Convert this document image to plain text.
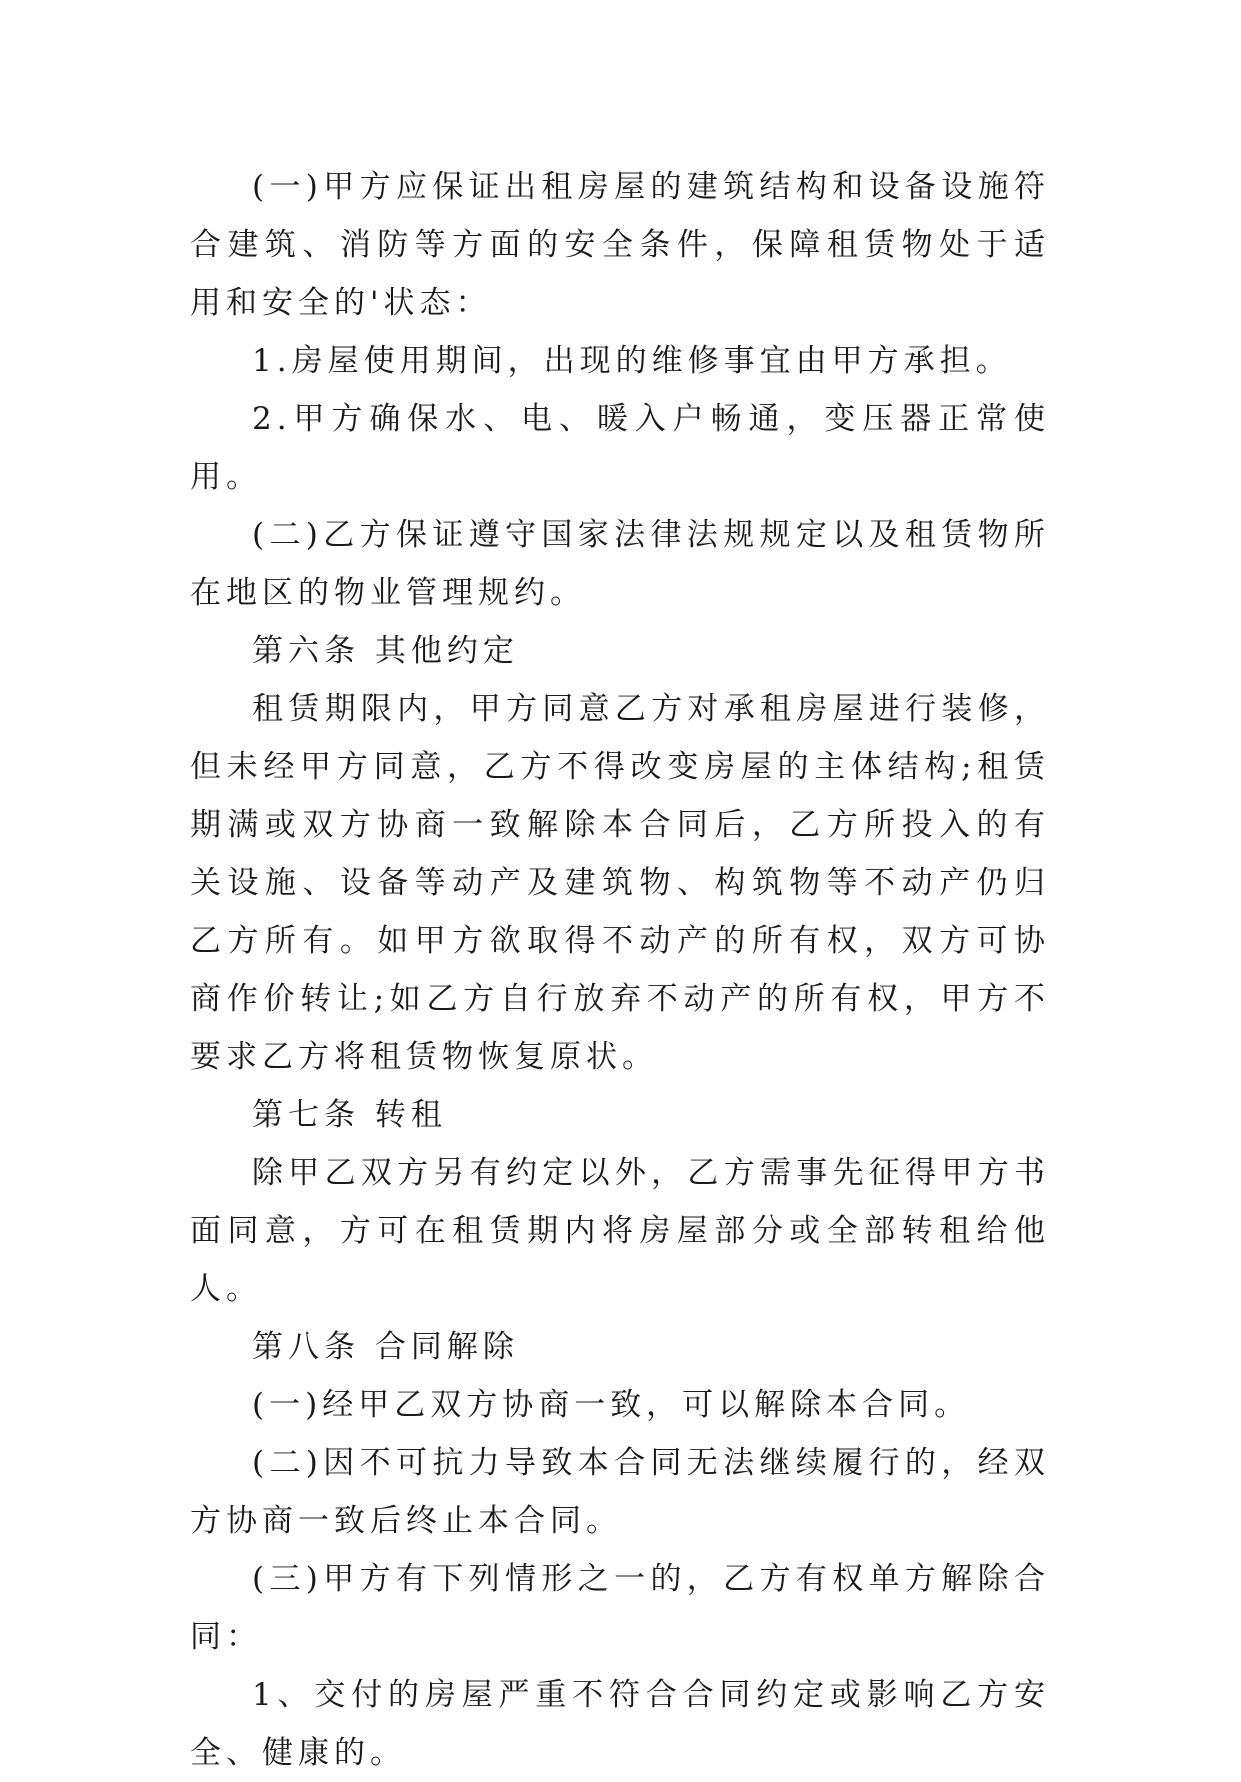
(一)甲方应保证出租房屋的建筑结构和设备设施符合建筑、消防等方面的安全条件，保障租赁物处于适用和安全的'状态：

1.房屋使用期间，出现的维修事宜由甲方承担。

2.甲方确保水、电、暖入户畅通，变压器正常使用。

(二)乙方保证遵守国家法律法规规定以及租赁物所在地区的物业管理规约。

第六条 其他约定

租赁期限内，甲方同意乙方对承租房屋进行装修，但未经甲方同意，乙方不得改变房屋的主体结构;租赁期满或双方协商一致解除本合同后，乙方所投入的有关设施、设备等动产及建筑物、构筑物等不动产仍归乙方所有。如甲方欲取得不动产的所有权，双方可协商作价转让;如乙方自行放弃不动产的所有权，甲方不要求乙方将租赁物恢复原状。

第七条 转租

除甲乙双方另有约定以外，乙方需事先征得甲方书面同意，方可在租赁期内将房屋部分或全部转租给他人。

第八条 合同解除

(一)经甲乙双方协商一致，可以解除本合同。

(二)因不可抗力导致本合同无法继续履行的，经双方协商一致后终止本合同。

(三)甲方有下列情形之一的，乙方有权单方解除合同：

1、交付的房屋严重不符合合同约定或影响乙方安全、健康的。
